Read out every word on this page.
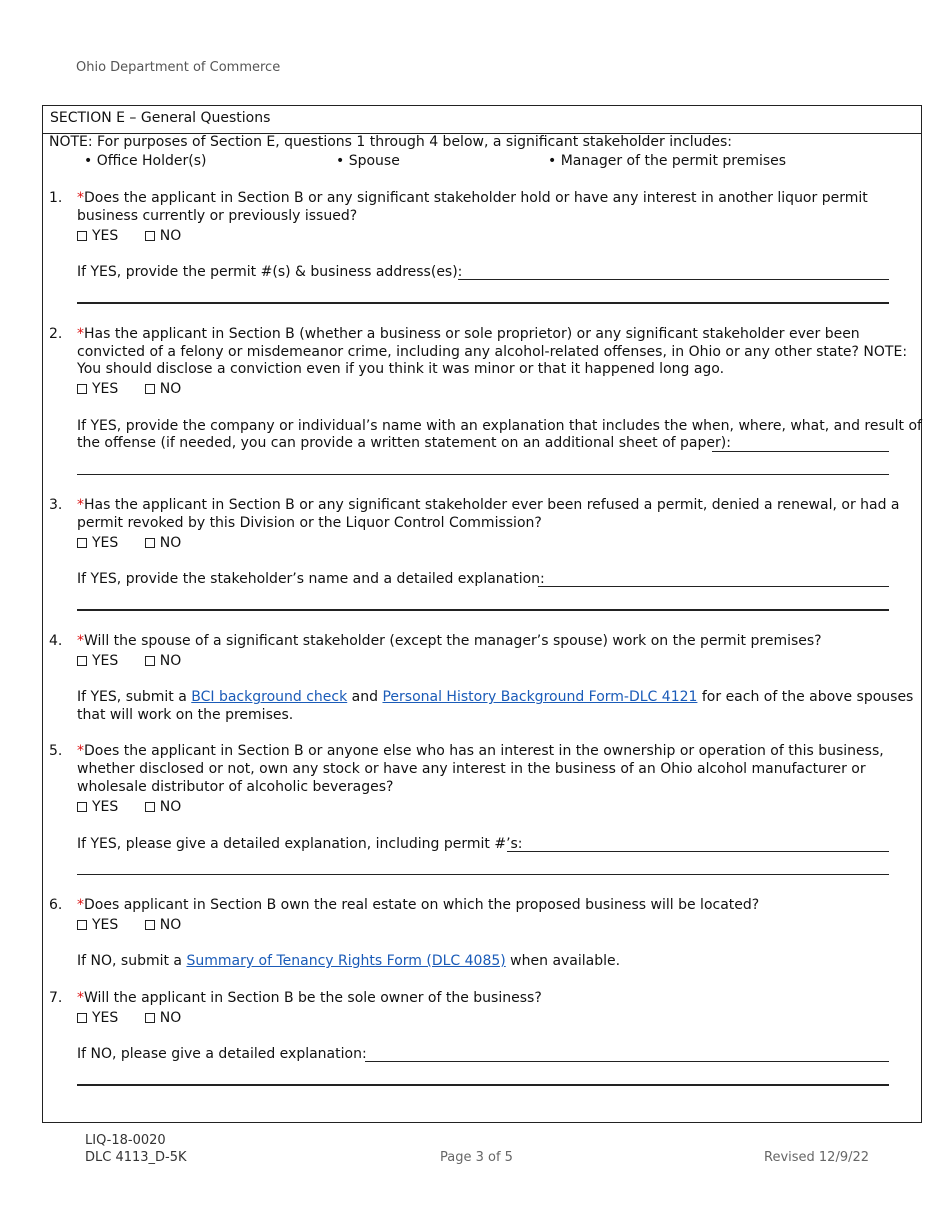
Ohio Department of Commerce
SECTION E – General Questions
NOTE: For purposes of Section E, questions 1 through 4 below, a significant stakeholder includes:
• Office Holder(s)	• Spouse	• Manager of the permit premises
1. *Does the applicant in Section B or any significant stakeholder hold or have any interest in another liquor permit
business currently or previously issued?
YES	NO
If YES, provide the permit #(s) & business address(es):
2. *Has the applicant in Section B (whether a business or sole proprietor) or any significant stakeholder ever been
convicted of a felony or misdemeanor crime, including any alcohol-related offenses, in Ohio or any other state? NOTE:
You should disclose a conviction even if you think it was minor or that it happened long ago.
YES	NO
If YES, provide the company or individual’s name with an explanation that includes the when, where, what, and result of
the offense (if needed, you can provide a written statement on an additional sheet of paper):
3. *Has the applicant in Section B or any significant stakeholder ever been refused a permit, denied a renewal, or had a
permit revoked by this Division or the Liquor Control Commission?
YES	NO
If YES, provide the stakeholder’s name and a detailed explanation:
4. *Will the spouse of a significant stakeholder (except the manager’s spouse) work on the permit premises?
YES	NO
If YES, submit a BCI background check and Personal History Background Form-DLC 4121 for each of the above spouses
that will work on the premises.
5. *Does the applicant in Section B or anyone else who has an interest in the ownership or operation of this business,
whether disclosed or not, own any stock or have any interest in the business of an Ohio alcohol manufacturer or
wholesale distributor of alcoholic beverages?
YES	NO
If YES, please give a detailed explanation, including permit #’s:
6. *Does applicant in Section B own the real estate on which the proposed business will be located?
YES	NO
If NO, submit a Summary of Tenancy Rights Form (DLC 4085) when available.
7. *Will the applicant in Section B be the sole owner of the business?
YES	NO
If NO, please give a detailed explanation:
LIQ-18-0020
DLC 4113_D-5K	Page 3 of 5	Revised 12/9/22
